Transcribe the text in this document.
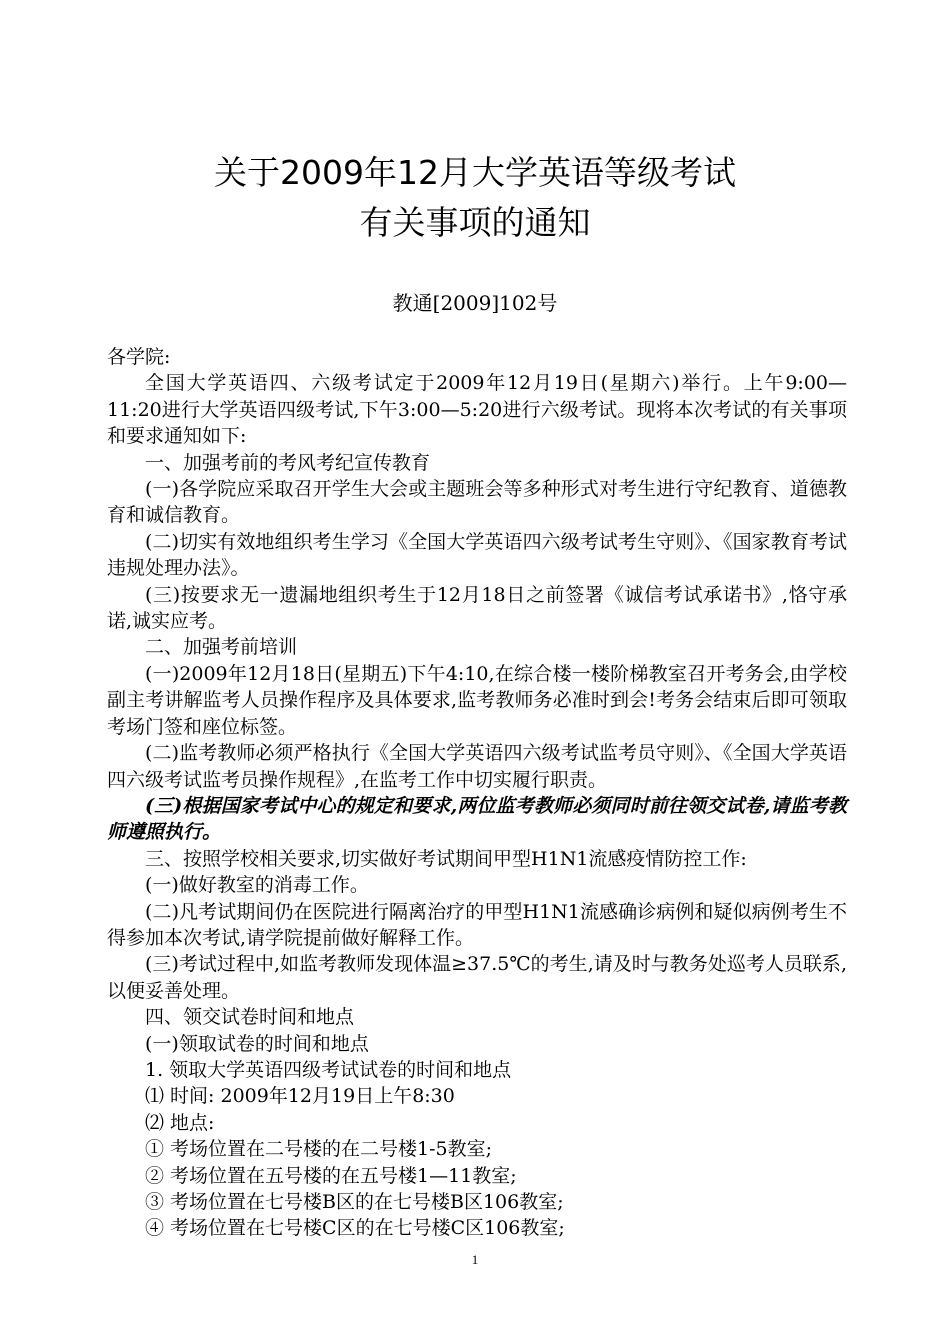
关于2009年12月大学英语等级考试
有关事项的通知
教通[2009]102号

各学院:

全国大学英语四、六级考试定于2009年12月19日(星期六)举行。上午9:00—11:20进行大学英语四级考试,下午3:00—5:20进行六级考试。现将本次考试的有关事项和要求通知如下:

一、加强考前的考风考纪宣传教育

(一)各学院应采取召开学生大会或主题班会等多种形式对考生进行守纪教育、道德教育和诚信教育。

(二)切实有效地组织考生学习《全国大学英语四六级考试考生守则》、《国家教育考试违规处理办法》。

(三)按要求无一遗漏地组织考生于12月18日之前签署《诚信考试承诺书》,恪守承诺,诚实应考。

二、加强考前培训

(一)2009年12月18日(星期五)下午4:10,在综合楼一楼阶梯教室召开考务会,由学校副主考讲解监考人员操作程序及具体要求,监考教师务必准时到会!考务会结束后即可领取考场门签和座位标签。

(二)监考教师必须严格执行《全国大学英语四六级考试监考员守则》、《全国大学英语四六级考试监考员操作规程》,在监考工作中切实履行职责。

(三)根据国家考试中心的规定和要求,两位监考教师必须同时前往领交试卷,请监考教师遵照执行。

三、按照学校相关要求,切实做好考试期间甲型H1N1流感疫情防控工作:

(一)做好教室的消毒工作。

(二)凡考试期间仍在医院进行隔离治疗的甲型H1N1流感确诊病例和疑似病例考生不得参加本次考试,请学院提前做好解释工作。

(三)考试过程中,如监考教师发现体温≥37.5℃的考生,请及时与教务处巡考人员联系,以便妥善处理。

四、领交试卷时间和地点

(一)领取试卷的时间和地点

1. 领取大学英语四级考试试卷的时间和地点

⑴ 时间: 2009年12月19日上午8:30

⑵ 地点:

① 考场位置在二号楼的在二号楼1-5教室;

② 考场位置在五号楼的在五号楼1—11教室;

③ 考场位置在七号楼B区的在七号楼B区106教室;

④ 考场位置在七号楼C区的在七号楼C区106教室;

1
